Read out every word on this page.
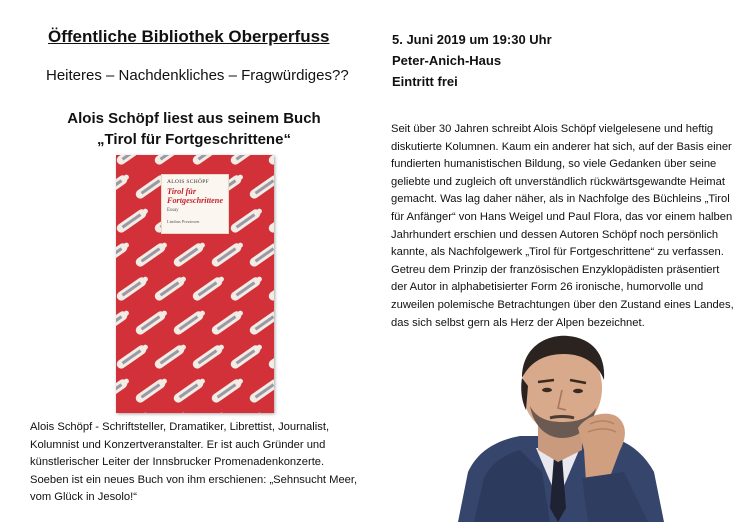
Öffentliche Bibliothek Oberperfuss
Heiteres – Nachdenkliches – Fragwürdiges??
Alois Schöpf liest aus seinem Buch
„Tirol für Fortgeschrittene“
ALOIS SCHÖPF
Tirol für
Fortgeschrittene
Essay
Limbus Preziosen
Alois Schöpf - Schriftsteller, Dramatiker, Librettist, Journalist, Kolumnist und Konzertveranstalter. Er ist auch Gründer und künstlerischer Leiter der Innsbrucker Promenadenkonzerte. Soeben ist ein neues Buch von ihm erschienen: „Sehnsucht Meer, vom Glück in Jesolo!“
5. Juni 2019 um 19:30 Uhr
Peter-Anich-Haus
Eintritt frei
Seit über 30 Jahren schreibt Alois Schöpf vielgelesene und heftig diskutierte Kolumnen. Kaum ein anderer hat sich, auf der Basis einer fundierten humanistischen Bildung, so viele Gedanken über seine geliebte und zugleich oft unverständlich rückwärtsgewandte Heimat gemacht. Was lag daher näher, als in Nachfolge des Büchleins „Tirol für Anfänger“ von Hans Weigel und Paul Flora, das vor einem halben Jahrhundert erschien und dessen Autoren Schöpf noch persönlich kannte, als Nachfolgewerk „Tirol für Fortgeschrittene“ zu verfassen. Getreu dem Prinzip der französischen Enzyklopädisten präsentiert der Autor in alphabetisierter Form 26 ironische, humorvolle und zuweilen polemische Betrachtungen über den Zustand eines Landes, das sich selbst gern als Herz der Alpen bezeichnet.
